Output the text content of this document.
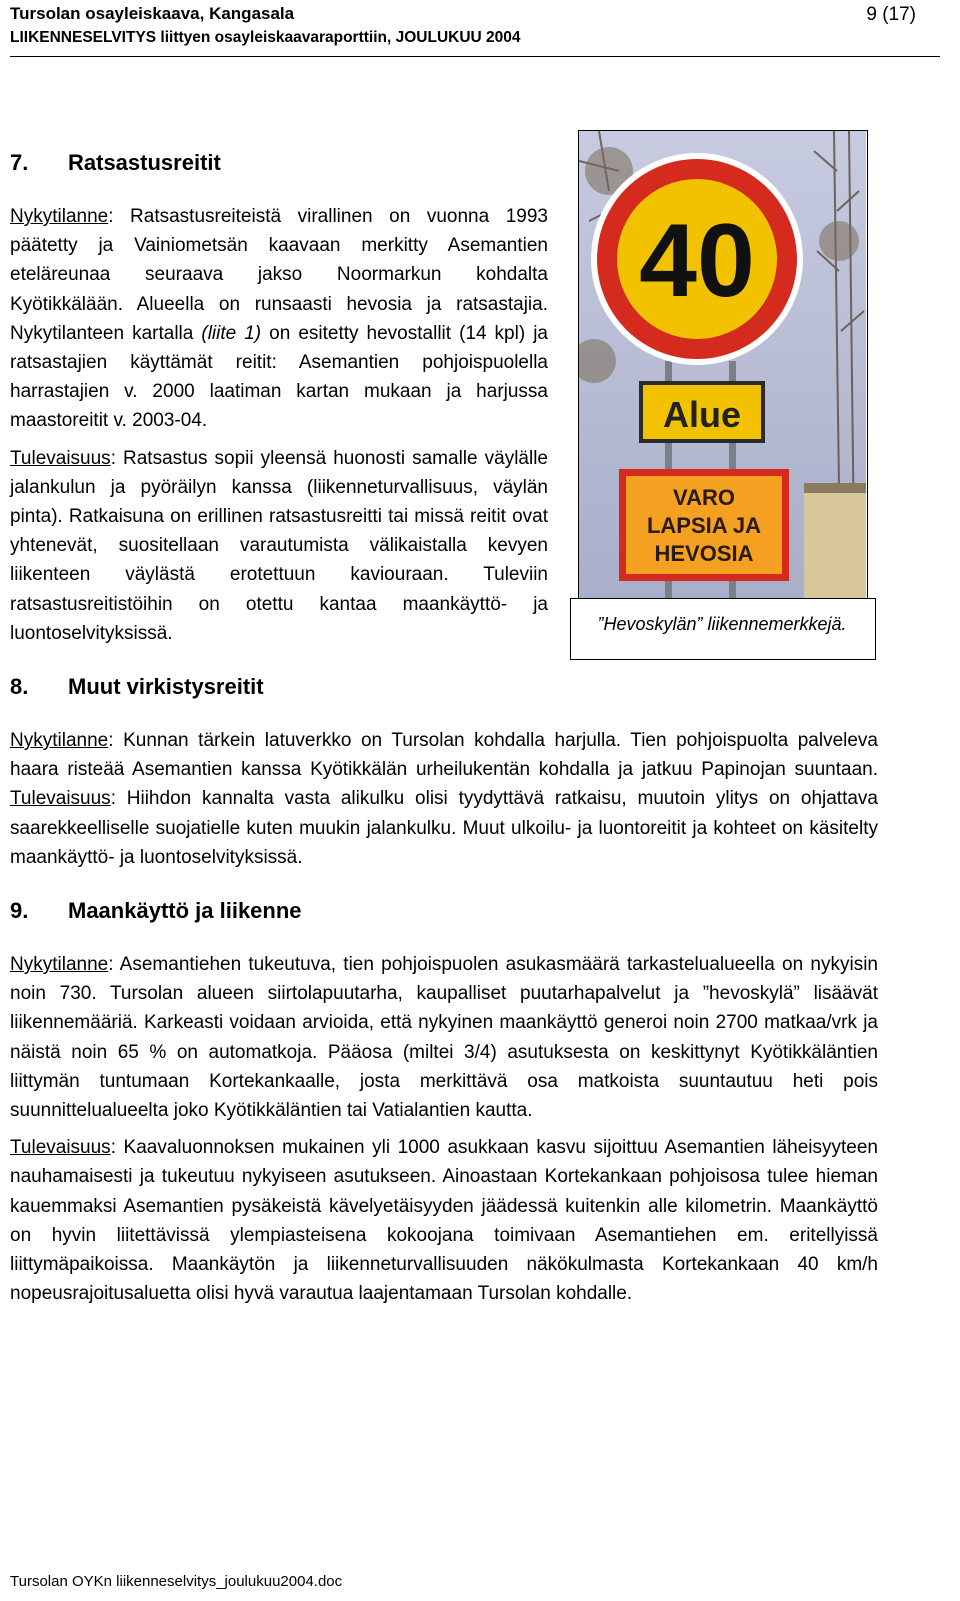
Tursolan osayleiskaava, Kangasala
LIIKENNESELVITYS liittyen osayleiskaavaraporttiin, JOULUKUU 2004
9 (17)
7. Ratsastusreitit
40
Alue
VARO
LAPSIA JA
HEVOSIA
”Hevoskylän” liikennemerkkejä.

Nykytilanne: Ratsastusreiteistä virallinen on vuonna 1993 päätetty ja Vainiometsän kaavaan merkitty Asemantien eteläreunaa seuraava jakso Noormarkun kohdalta Kyötikkälään. Alueella on runsaasti hevosia ja ratsastajia. Nykytilanteen kartalla (liite 1) on esitetty hevostallit (14 kpl) ja ratsastajien käyttämät reitit: Asemantien pohjoispuolella harrastajien v. 2000 laatiman kartan mukaan ja harjussa maastoreitit v. 2003-04.

Tulevaisuus: Ratsastus sopii yleensä huonosti samalle väylälle jalankulun ja pyöräilyn kanssa (liikenneturvallisuus, väylän pinta). Ratkaisuna on erillinen ratsastusreitti tai missä reitit ovat yhtenevät, suositellaan varautumista välikaistalla kevyen liikenteen väylästä erotettuun kaviouraan. Tuleviin ratsastusreitistöihin on otettu kantaa maankäyttö- ja luontoselvityksissä.

8. Muut virkistysreitit

Nykytilanne: Kunnan tärkein latuverkko on Tursolan kohdalla harjulla. Tien pohjoispuolta palveleva haara risteää Asemantien kanssa Kyötikkälän urheilukentän kohdalla ja jatkuu Papinojan suuntaan. Tulevaisuus: Hiihdon kannalta vasta alikulku olisi tyydyttävä ratkaisu, muutoin ylitys on ohjattava saarekkeelliselle suojatielle kuten muukin jalankulku. Muut ulkoilu- ja luontoreitit ja kohteet on käsitelty maankäyttö- ja luontoselvityksissä.

9. Maankäyttö ja liikenne

Nykytilanne: Asemantiehen tukeutuva, tien pohjoispuolen asukasmäärä tarkastelualueella on nykyisin noin 730. Tursolan alueen siirtolapuutarha, kaupalliset puutarhapalvelut ja ”hevoskylä” lisäävät liikennemääriä. Karkeasti voidaan arvioida, että nykyinen maankäyttö generoi noin 2700 matkaa/vrk ja näistä noin 65 % on automatkoja. Pääosa (miltei 3/4) asutuksesta on keskittynyt Kyötikkäläntien liittymän tuntumaan Kortekankaalle, josta merkittävä osa matkoista suuntautuu heti pois suunnittelualueelta joko Kyötikkäläntien tai Vatialantien kautta.

Tulevaisuus: Kaavaluonnoksen mukainen yli 1000 asukkaan kasvu sijoittuu Asemantien läheisyyteen nauhamaisesti ja tukeutuu nykyiseen asutukseen. Ainoastaan Kortekankaan pohjoisosa tulee hieman kauemmaksi Asemantien pysäkeistä kävelyetäisyyden jäädessä kuitenkin alle kilometrin. Maankäyttö on hyvin liitettävissä ylempiasteisena kokoojana toimivaan Asemantiehen em. eritellyissä liittymäpaikoissa. Maankäytön ja liikenneturvallisuuden näkökulmasta Kortekankaan 40 km/h nopeusrajoitusaluetta olisi hyvä varautua laajentamaan Tursolan kohdalle.

Tursolan OYKn liikenneselvitys_joulukuu2004.doc
